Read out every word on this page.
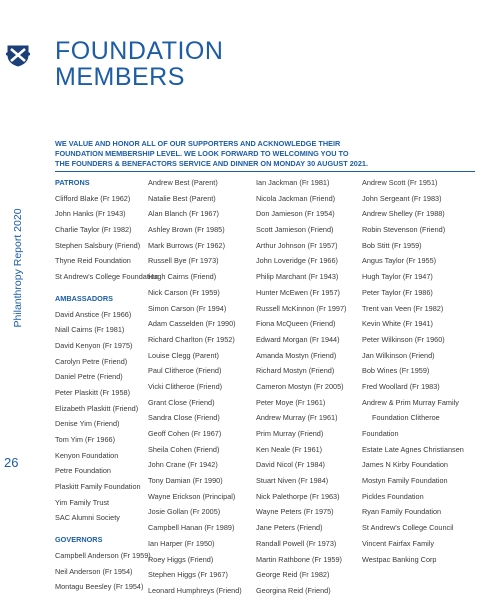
Philanthropy Report 2020
26
FOUNDATION
MEMBERS
WE VALUE AND HONOR ALL OF OUR SUPPORTERS AND ACKNOWLEDGE THEIR
FOUNDATION MEMBERSHIP LEVEL. WE LOOK FORWARD TO WELCOMING YOU TO
THE FOUNDERS & BENEFACTORS SERVICE AND DINNER ON MONDAY 30 AUGUST 2021.
PATRONS
Clifford Blake (Fr 1962)
John Hanks (Fr 1943)
Charlie Taylor (Fr 1982)
Stephen Salsbury (Friend)
Thyne Reid Foundation
St Andrew's College Foundation
AMBASSADORS
David Anstice (Fr 1966)
Niall Cairns (Fr 1981)
David Kenyon (Fr 1975)
Carolyn Petre (Friend)
Daniel Petre (Friend)
Peter Plaskitt (Fr 1958)
Elizabeth Plaskitt (Friend)
Denise Yim (Friend)
Tom Yim (Fr 1966)
Kenyon Foundation
Petre Foundation
Plaskitt Family Foundation
Yim Family Trust
SAC Alumni Society
GOVERNORS
Campbell Anderson (Fr 1959)
Neil Anderson (Fr 1954)
Montagu Beesley (Fr 1954)
Andrew Best (Parent)
Natalie Best (Parent)
Alan Blanch (Fr 1967)
Ashley Brown (Fr 1985)
Mark Burrows (Fr 1962)
Russell Bye (Fr 1973)
Hugh Cairns (Friend)
Nick Carson (Fr 1959)
Simon Carson (Fr 1994)
Adam Casselden (Fr 1990)
Richard Charlton (Fr 1952)
Louise Clegg (Parent)
Paul Clitheroe (Friend)
Vicki Clitheroe (Friend)
Grant Close (Friend)
Sandra Close (Friend)
Geoff Cohen (Fr 1967)
Sheila Cohen (Friend)
John Crane (Fr 1942)
Tony Damian (Fr 1990)
Wayne Erickson (Principal)
Josie Gollan (Fr 2005)
Campbell Hanan (Fr 1989)
Ian Harper (Fr 1950)
Roey Higgs (Friend)
Stephen Higgs (Fr 1967)
Leonard Humphreys (Friend)
Ian Jackman (Fr 1981)
Nicola Jackman (Friend)
Don Jamieson (Fr 1954)
Scott Jamieson (Friend)
Arthur Johnson (Fr 1957)
John Loveridge (Fr 1966)
Philip Marchant (Fr 1943)
Hunter McEwen (Fr 1957)
Russell McKinnon (Fr 1997)
Fiona McQueen (Friend)
Edward Morgan (Fr 1944)
Amanda Mostyn (Friend)
Richard Mostyn (Friend)
Cameron Mostyn (Fr 2005)
Peter Moye (Fr 1961)
Andrew Murray (Fr 1961)
Prim Murray (Friend)
Ken Neale (Fr 1961)
David Nicol (Fr 1984)
Stuart Niven (Fr 1984)
Nick Palethorpe (Fr 1963)
Wayne Peters (Fr 1975)
Jane Peters (Friend)
Randall Powell (Fr 1973)
Martin Rathbone (Fr 1959)
George Reid (Fr 1982)
Georgina Reid (Friend)
Andrew Scott (Fr 1951)
John Sergeant (Fr 1983)
Andrew Shelley (Fr 1988)
Robin Stevenson (Friend)
Bob Stitt (Fr 1959)
Angus Taylor (Fr 1955)
Hugh Taylor (Fr 1947)
Peter Taylor (Fr 1986)
Trent van Veen (Fr 1982)
Kevin White (Fr 1941)
Peter Wilkinson (Fr 1960)
Jan Wilkinson (Friend)
Bob Wines (Fr 1959)
Fred Woollard (Fr 1983)
Andrew & Prim Murray Family
Foundation Clitheroe
Foundation
Estate Late Agnes Christiansen
James N Kirby Foundation
Mostyn Family Foundation
Pickles Foundation
Ryan Family Foundation
St Andrew's College Council
Vincent Fairfax Family
Westpac Banking Corp
